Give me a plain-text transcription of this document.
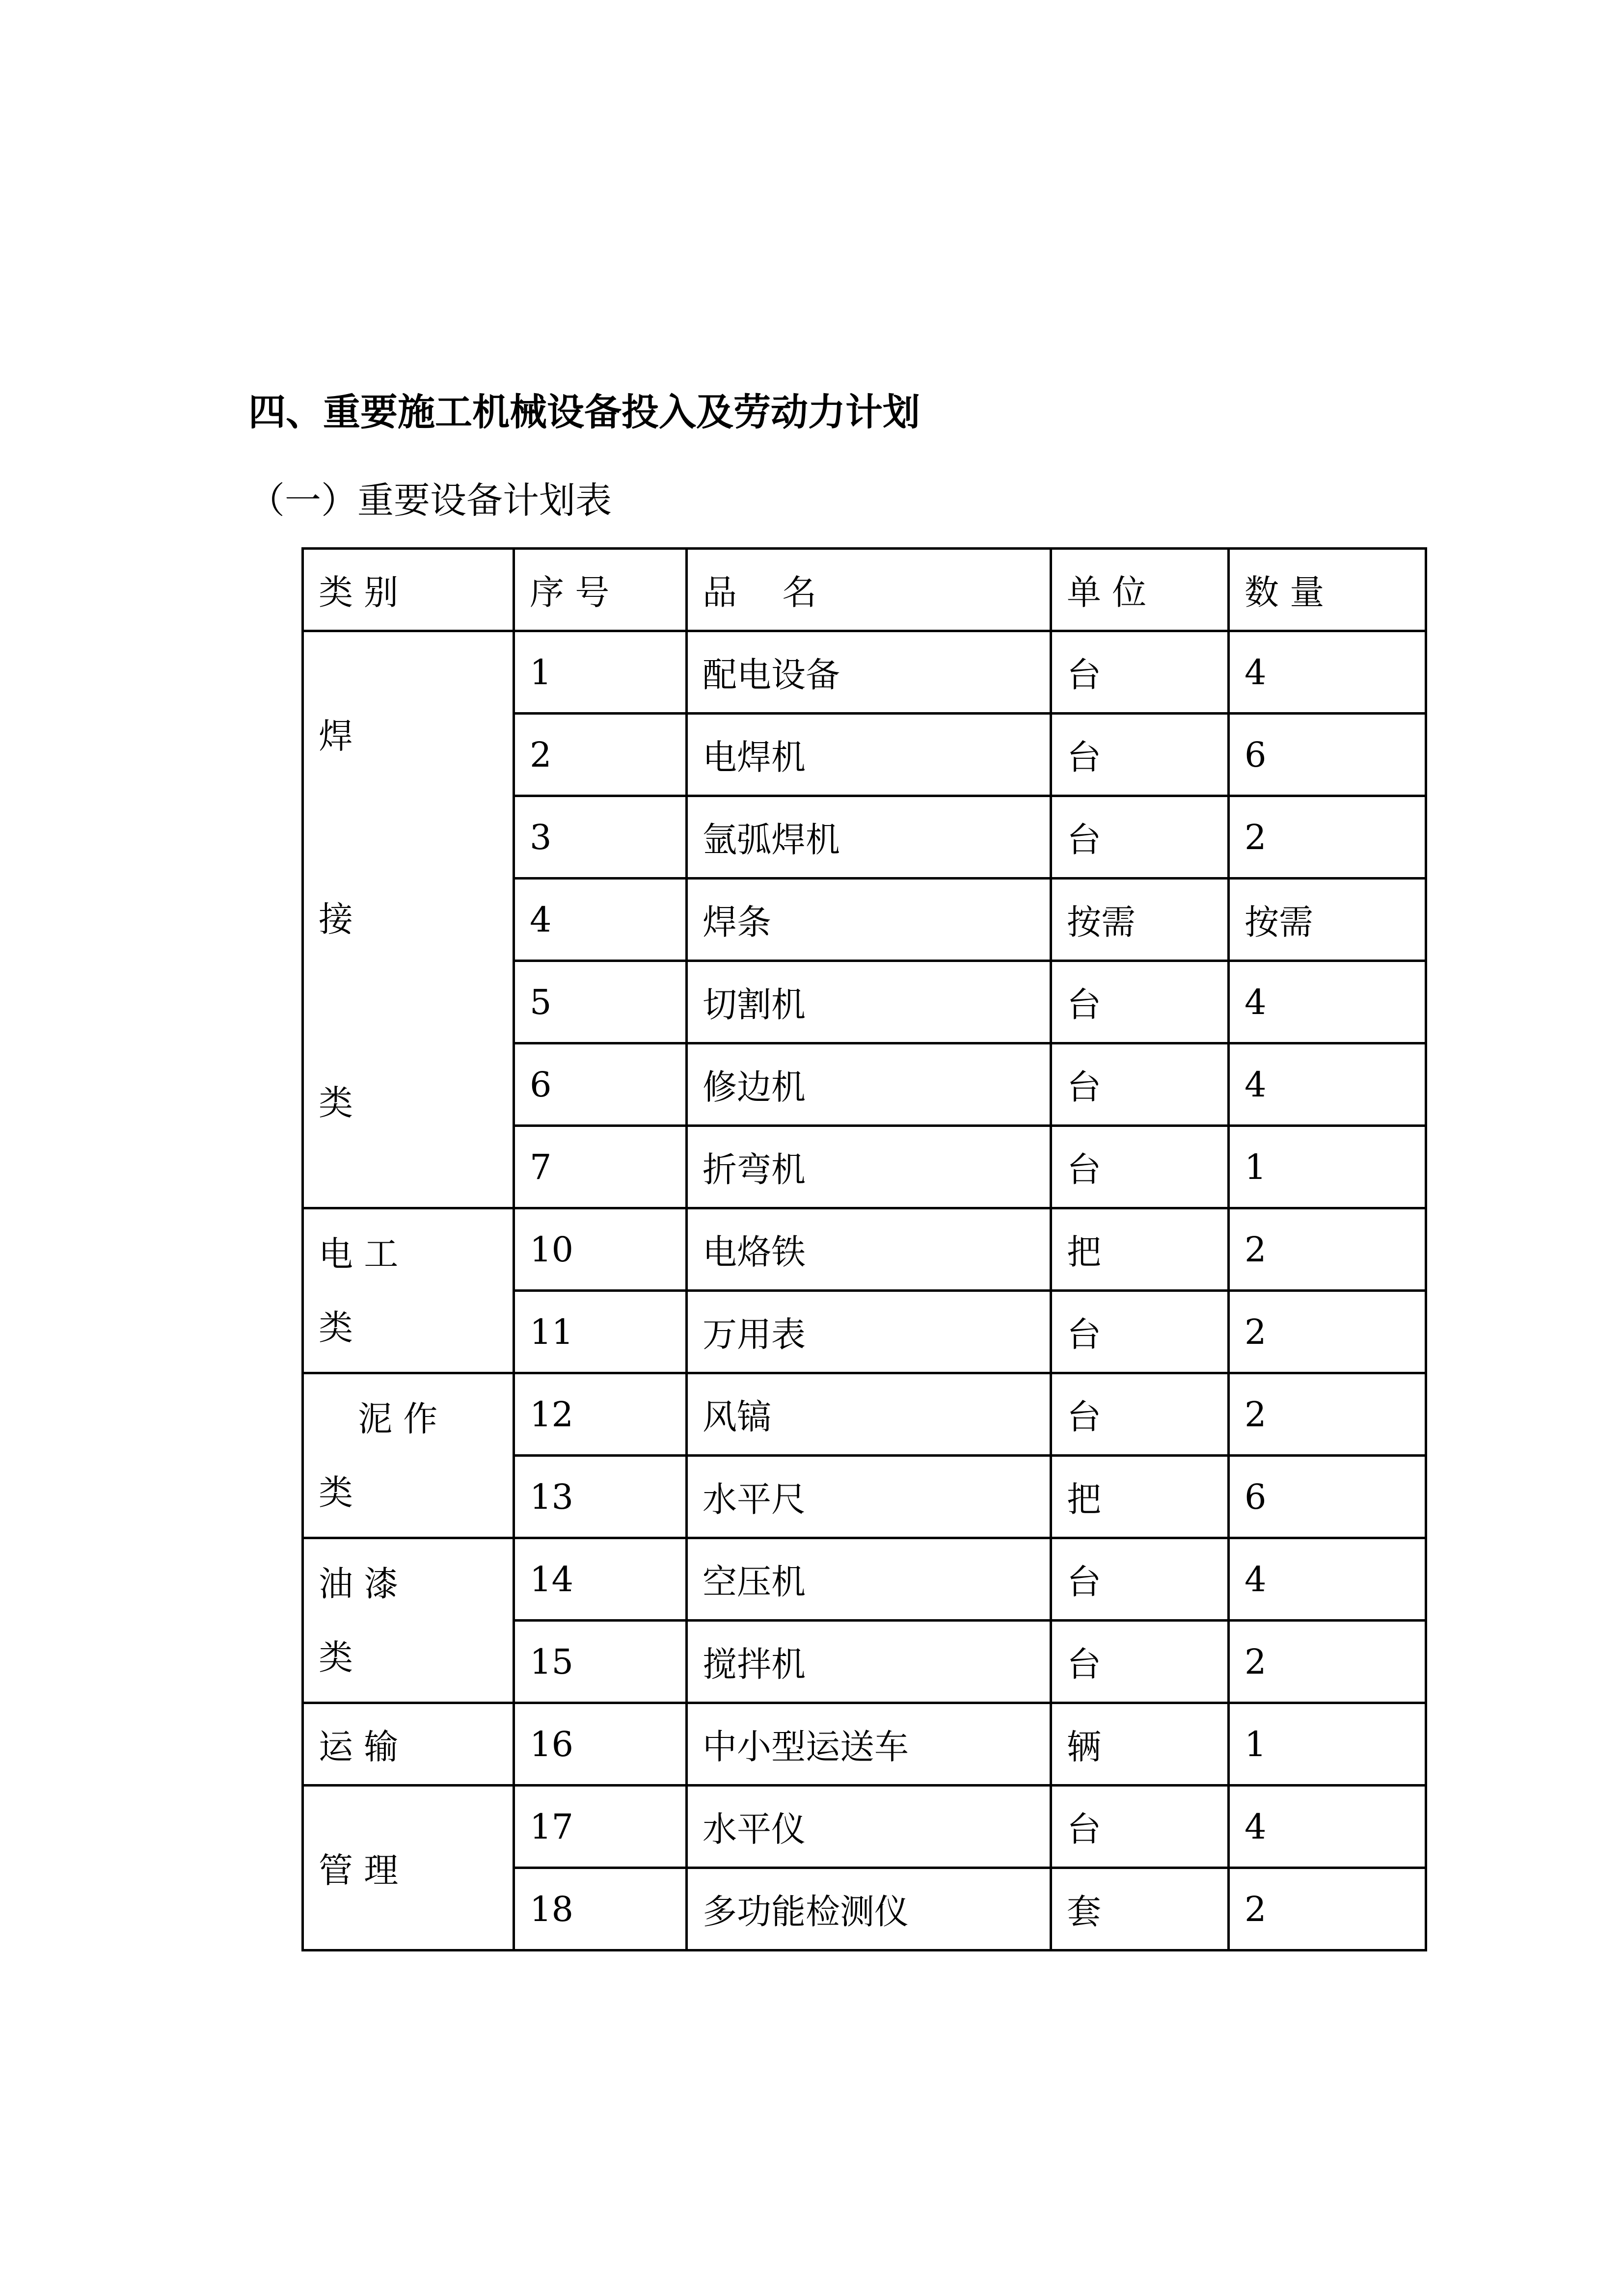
四、重要施工机械设备投入及劳动力计划
（一）重要设备计划表
类 别	序 号	品　 名	单 位	数 量

焊
接
类	1	配电设备	台	4
	2	电焊机	台	6
	3	氩弧焊机	台	2
	4	焊条	按需	按需
	5	切割机	台	4
	6	修边机	台	4
	7	折弯机	台	1

电 工
类	10	电烙铁	把	2
	11	万用表	台	2

泥 作
类	12	风镐	台	2
	13	水平尺	把	6

油 漆
类	14	空压机	台	4
	15	搅拌机	台	2
运 输	16	中小型运送车	辆	1
管 理	17	水平仪	台	4
	18	多功能检测仪	套	2
